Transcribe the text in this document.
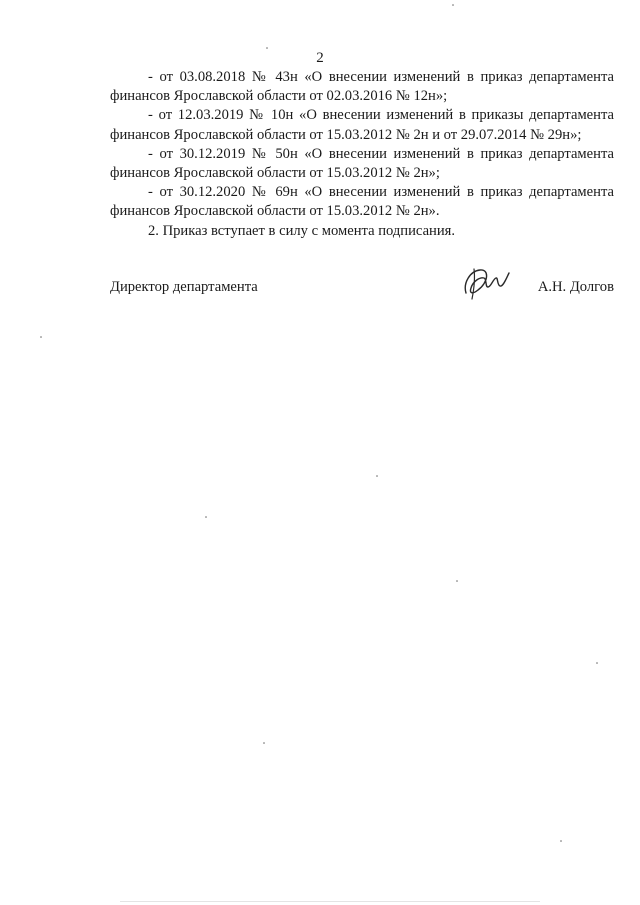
2

- от 03.08.2018 № 43н «О внесении изменений в приказ департамента финансов Ярославской области от 02.03.2016 № 12н»;

- от 12.03.2019 № 10н «О внесении изменений в приказы департамента финансов Ярославской области от 15.03.2012 № 2н и от 29.07.2014 № 29н»;

- от 30.12.2019 № 50н «О внесении изменений в приказ департамента финансов Ярославской области от 15.03.2012 № 2н»;

- от 30.12.2020 № 69н «О внесении изменений в приказ департамента финансов Ярославской области от 15.03.2012 № 2н».

2. Приказ вступает в силу с момента подписания.

Директор департамента	А.Н. Долгов
